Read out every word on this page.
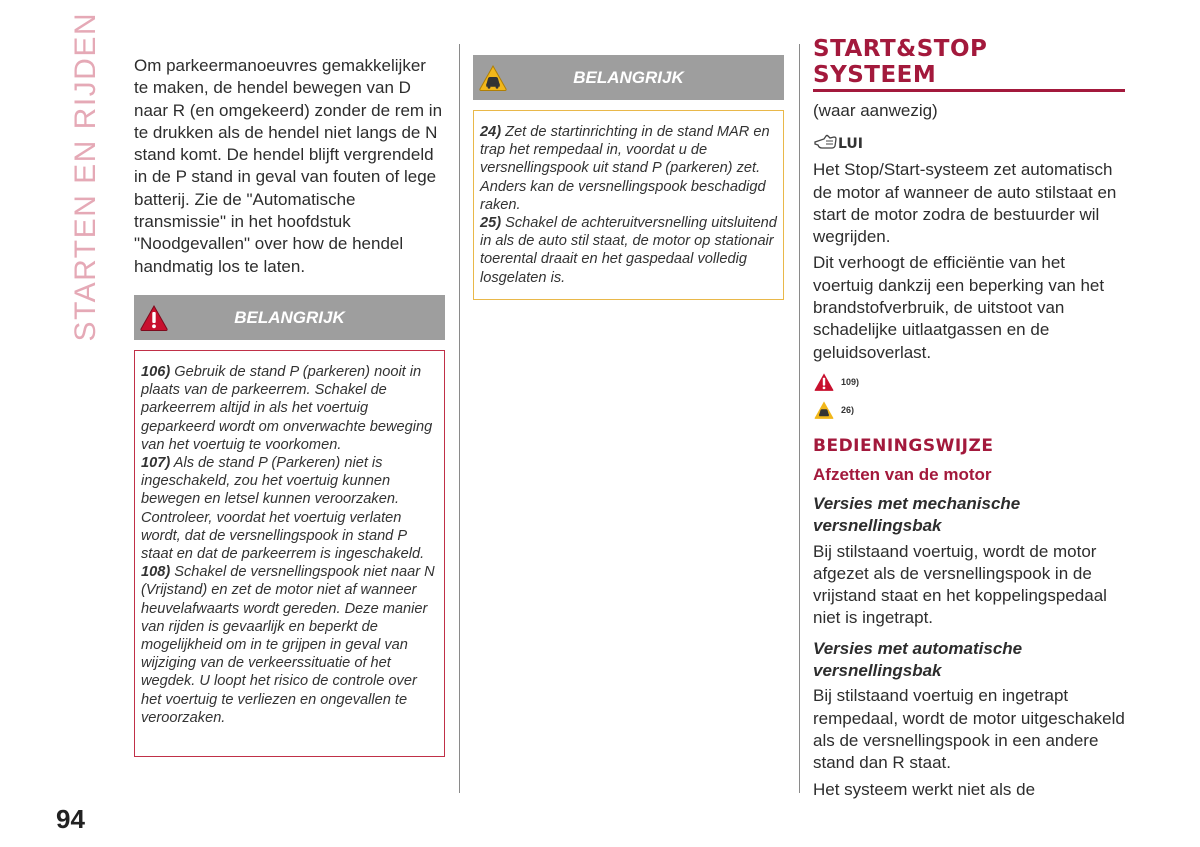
STARTEN EN RIJDEN
94

Om parkeermanoeuvres gemakkelijker te maken, de hendel bewegen van D naar R (en omgekeerd) zonder de rem in te drukken als de hendel niet langs de N stand komt. De hendel blijft vergrendeld in de P stand in geval van fouten of lege batterij. Zie de "Automatische transmissie" in het hoofdstuk "Noodgevallen" over how de hendel handmatig los te laten.

BELANGRIJK

106) Gebruik de stand P (parkeren) nooit in plaats van de parkeerrem. Schakel de parkeerrem altijd in als het voertuig geparkeerd wordt om onverwachte beweging van het voertuig te voorkomen.

107) Als de stand P (Parkeren) niet is ingeschakeld, zou het voertuig kunnen bewegen en letsel kunnen veroorzaken. Controleer, voordat het voertuig verlaten wordt, dat de versnellingspook in stand P staat en dat de parkeerrem is ingeschakeld.

108) Schakel de versnellingspook niet naar N (Vrijstand) en zet de motor niet af wanneer heuvelafwaarts wordt gereden. Deze manier van rijden is gevaarlijk en beperkt de mogelijkheid om in te grijpen in geval van wijziging van de verkeerssituatie of het wegdek. U loopt het risico de controle over het voertuig te verliezen en ongevallen te veroorzaken.

BELANGRIJK

24) Zet de startinrichting in de stand MAR en trap het rempedaal in, voordat u de versnellingspook uit stand P (parkeren) zet. Anders kan de versnellingspook beschadigd raken.

25) Schakel de achteruitversnelling uitsluitend in als de auto stil staat, de motor op stationair toerental draait en het gaspedaal volledig losgelaten is.

START&STOP
SYSTEEM

(waar aanwezig)

LUI

Het Stop/Start-systeem zet automatisch de motor af wanneer de auto stilstaat en start de motor zodra de bestuurder wil wegrijden.

Dit verhoogt de efficiëntie van het voertuig dankzij een beperking van het brandstofverbruik, de uitstoot van schadelijke uitlaatgassen en de geluidsoverlast.

109)
26)
BEDIENINGSWIJZE
Afzetten van de motor
Versies met mechanische versnellingsbak

Bij stilstaand voertuig, wordt de motor afgezet als de versnellingspook in de vrijstand staat en het koppelingspedaal niet is ingetrapt.

Versies met automatische versnellingsbak

Bij stilstaand voertuig en ingetrapt rempedaal, wordt de motor uitgeschakeld als de versnellingspook in een andere stand dan R staat.

Het systeem werkt niet als de
